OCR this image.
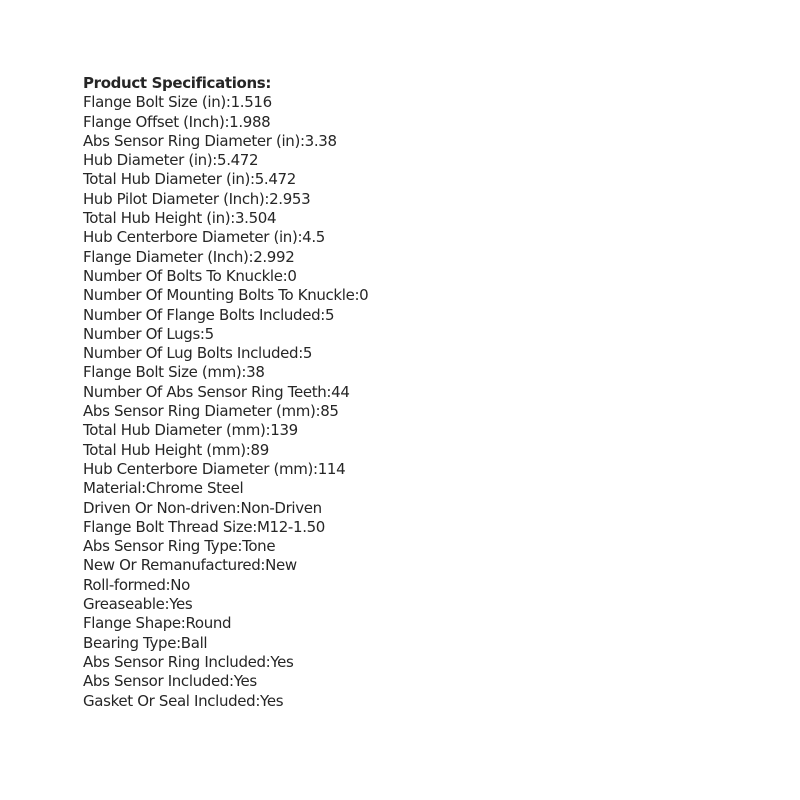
Product Specifications:
Flange Bolt Size (in):1.516
Flange Offset (Inch):1.988
Abs Sensor Ring Diameter (in):3.38
Hub Diameter (in):5.472
Total Hub Diameter (in):5.472
Hub Pilot Diameter (Inch):2.953
Total Hub Height (in):3.504
Hub Centerbore Diameter (in):4.5
Flange Diameter (Inch):2.992
Number Of Bolts To Knuckle:0
Number Of Mounting Bolts To Knuckle:0
Number Of Flange Bolts Included:5
Number Of Lugs:5
Number Of Lug Bolts Included:5
Flange Bolt Size (mm):38
Number Of Abs Sensor Ring Teeth:44
Abs Sensor Ring Diameter (mm):85
Total Hub Diameter (mm):139
Total Hub Height (mm):89
Hub Centerbore Diameter (mm):114
Material:Chrome Steel
Driven Or Non-driven:Non-Driven
Flange Bolt Thread Size:M12-1.50
Abs Sensor Ring Type:Tone
New Or Remanufactured:New
Roll-formed:No
Greaseable:Yes
Flange Shape:Round
Bearing Type:Ball
Abs Sensor Ring Included:Yes
Abs Sensor Included:Yes
Gasket Or Seal Included:Yes
